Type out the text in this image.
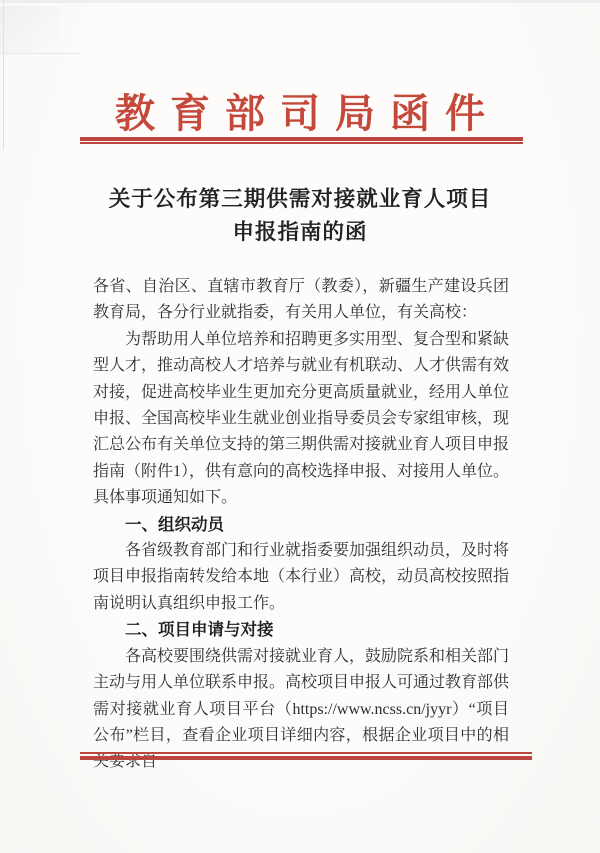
教育部司局函件
关于公布第三期供需对接就业育人项目
申报指南的函

各省、自治区、直辖市教育厅（教委），新疆生产建设兵团教育局，各分行业就指委，有关用人单位，有关高校：

为帮助用人单位培养和招聘更多实用型、复合型和紧缺型人才，推动高校人才培养与就业有机联动、人才供需有效对接，促进高校毕业生更加充分更高质量就业，经用人单位申报、全国高校毕业生就业创业指导委员会专家组审核，现汇总公布有关单位支持的第三期供需对接就业育人项目申报指南（附件1），供有意向的高校选择申报、对接用人单位。具体事项通知如下。

一、组织动员

各省级教育部门和行业就指委要加强组织动员，及时将项目申报指南转发给本地（本行业）高校，动员高校按照指南说明认真组织申报工作。

二、项目申请与对接

各高校要围绕供需对接就业育人，鼓励院系和相关部门主动与用人单位联系申报。高校项目申报人可通过教育部供需对接就业育人项目平台（https://www.ncss.cn/jyyr）“项目公布”栏目，查看企业项目详细内容，根据企业项目中的相关要求自
